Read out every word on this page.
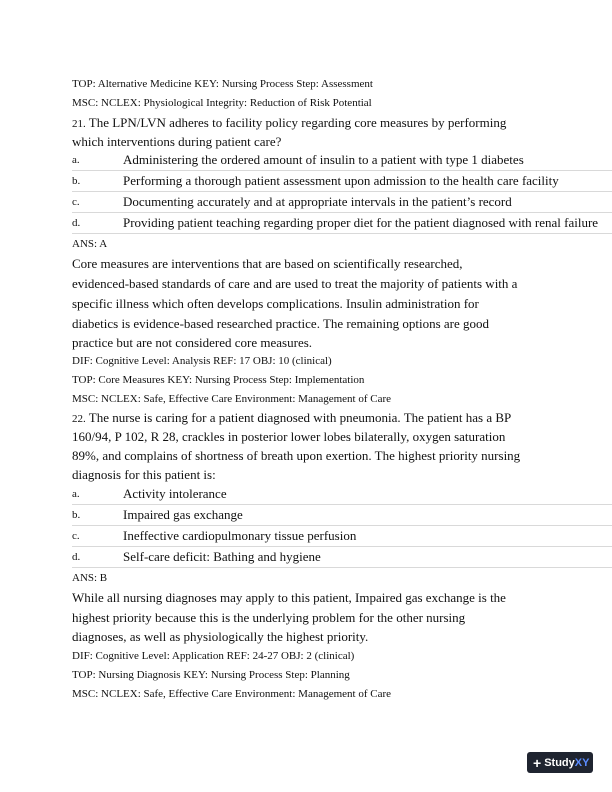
TOP: Alternative Medicine KEY: Nursing Process Step: Assessment
MSC: NCLEX: Physiological Integrity: Reduction of Risk Potential
21. The LPN/LVN adheres to facility policy regarding core measures by performing
which interventions during patient care?
a.	Administering the ordered amount of insulin to a patient with type 1 diabetes
b.	Performing a thorough patient assessment upon admission to the health care facility
c.	Documenting accurately and at appropriate intervals in the patient’s record
d.	Providing patient teaching regarding proper diet for the patient diagnosed with renal failure
ANS: A
Core measures are interventions that are based on scientifically researched,
evidenced-based standards of care and are used to treat the majority of patients with a
specific illness which often develops complications. Insulin administration for
diabetics is evidence-based researched practice. The remaining options are good
practice but are not considered core measures.
DIF: Cognitive Level: Analysis REF: 17 OBJ: 10 (clinical)
TOP: Core Measures KEY: Nursing Process Step: Implementation
MSC: NCLEX: Safe, Effective Care Environment: Management of Care
22. The nurse is caring for a patient diagnosed with pneumonia. The patient has a BP
160/94, P 102, R 28, crackles in posterior lower lobes bilaterally, oxygen saturation
89%, and complains of shortness of breath upon exertion. The highest priority nursing
diagnosis for this patient is:
a.	Activity intolerance
b.	Impaired gas exchange
c.	Ineffective cardiopulmonary tissue perfusion
d.	Self-care deficit: Bathing and hygiene
ANS: B
While all nursing diagnoses may apply to this patient, Impaired gas exchange is the
highest priority because this is the underlying problem for the other nursing
diagnoses, as well as physiologically the highest priority.
DIF: Cognitive Level: Application REF: 24-27 OBJ: 2 (clinical)
TOP: Nursing Diagnosis KEY: Nursing Process Step: Planning
MSC: NCLEX: Safe, Effective Care Environment: Management of Care
+ Study XY
